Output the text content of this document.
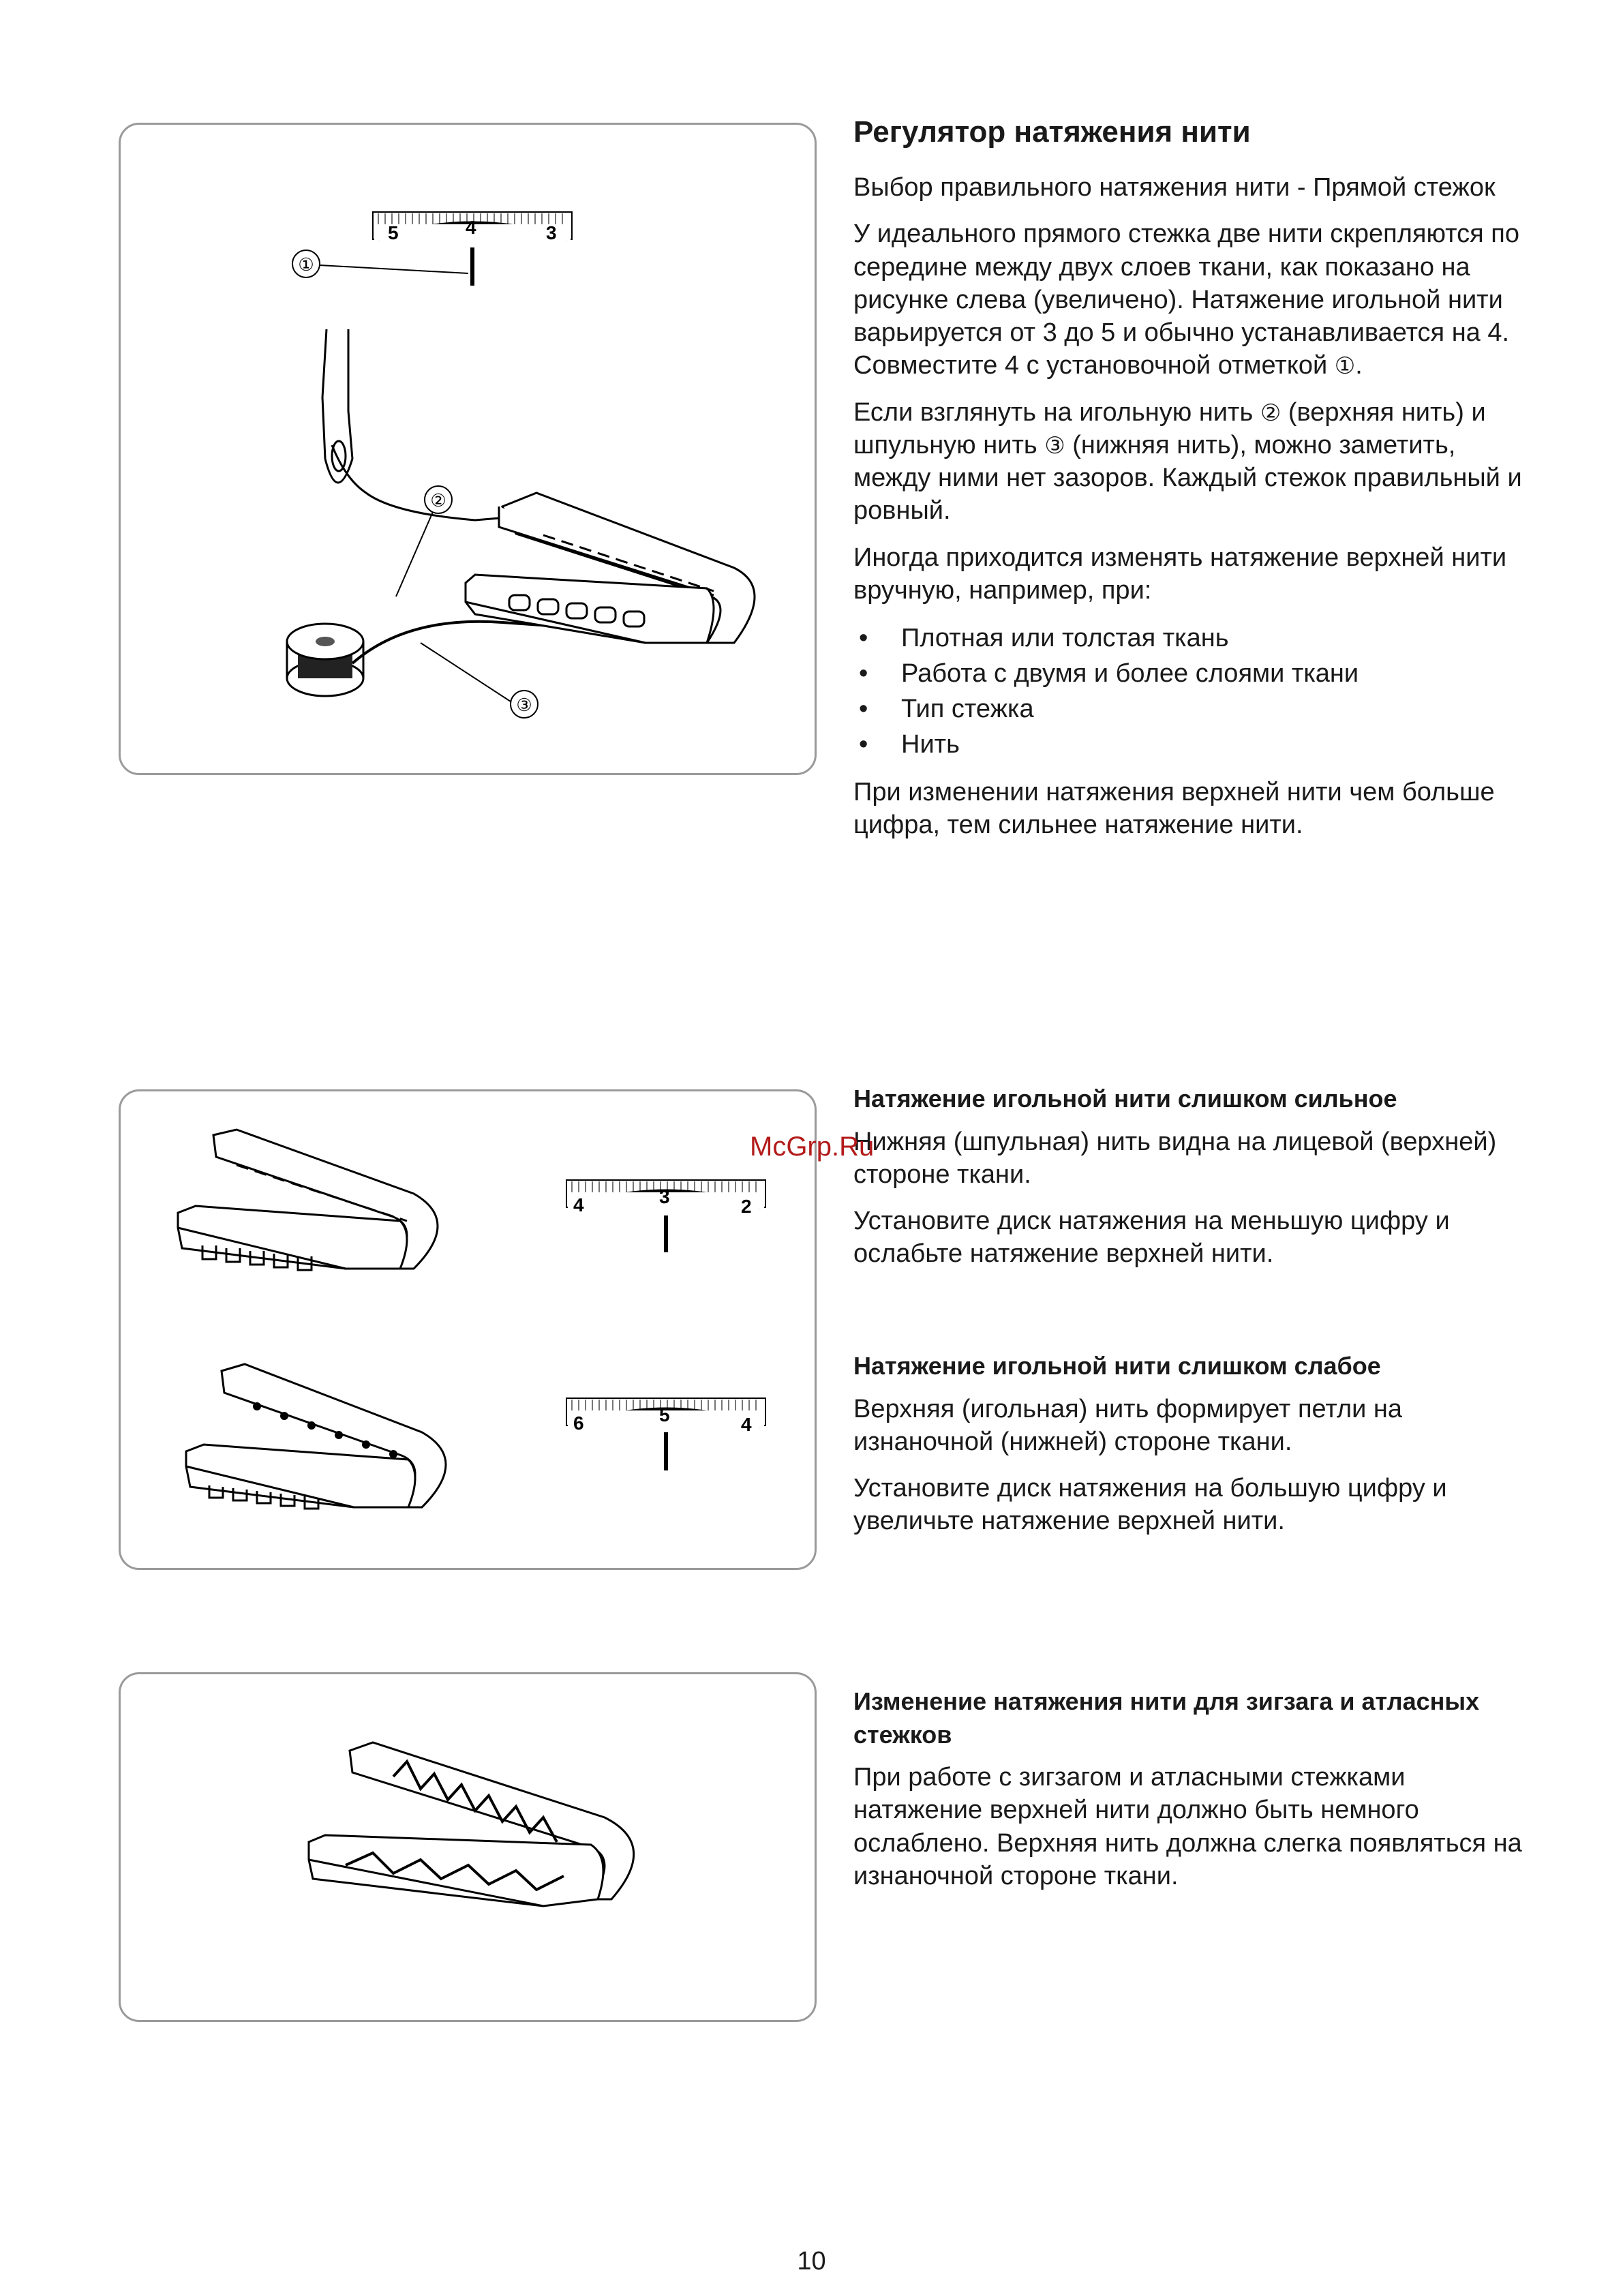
5	4	3
①
②
③
4	3	2
6	5	4
Регулятор натяжения нити

Выбор правильного натяжения нити - Прямой стежок

У идеального прямого стежка две нити скрепляются по середине между двух слоев ткани, как показано на рисунке слева (увеличено). Натяжение игольной нити варьируется от 3 до 5 и обычно устанавливается на 4. Совместите 4 с установочной отметкой ①.

Если взглянуть на игольную нить ② (верхняя нить) и шпульную нить ③ (нижняя нить), можно заметить, между ними нет зазоров. Каждый стежок правильный и ровный.

Иногда приходится изменять натяжение верхней нити вручную, например, при:

• Плотная или толстая ткань
• Работа с двумя и более слоями ткани
• Тип стежка
• Нить

При изменении натяжения верхней нити чем больше цифра, тем сильнее натяжение нити.

Натяжение игольной нити слишком сильное

Нижняя (шпульная) нить видна на лицевой (верхней) стороне ткани.

Установите диск натяжения на меньшую цифру и ослабьте натяжение верхней нити.

Натяжение игольной нити слишком слабое

Верхняя (игольная) нить формирует петли на изнаночной (нижней) стороне ткани.

Установите диск натяжения на большую цифру и увеличьте натяжение верхней нити.

Изменение натяжения нити для зигзага и атласных стежков

При работе с зигзагом и атласными стежками натяжение верхней нити должно быть немного ослаблено. Верхняя нить должна слегка появляться на изнаночной стороне ткани.

McGrp.Ru
10
